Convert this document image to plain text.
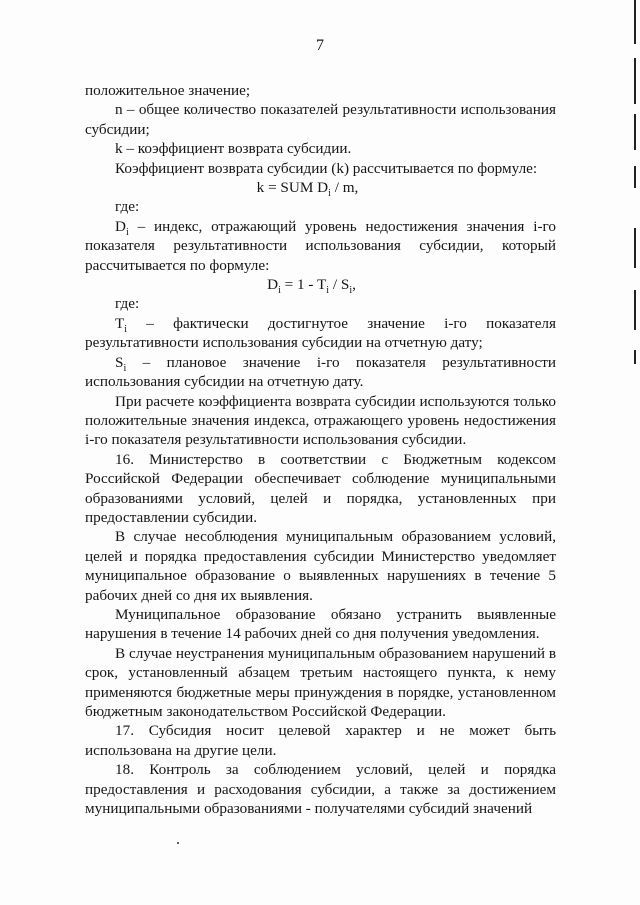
7

положительное значение;

n – общее количество показателей результативности использования субсидии;

k – коэффициент возврата субсидии.

Коэффициент возврата субсидии (k) рассчитывается по формуле:

k = SUM $D_i$ / m,

где:

$D_i$ – индекс, отражающий уровень недостижения значения i-го показателя результативности использования субсидии, который рассчитывается по формуле:

$D_i = 1 - T_i / S_i$,

где:

$T_i$ – фактически достигнутое значение i-го показателя результативности использования субсидии на отчетную дату;

$S_i$ – плановое значение i-го показателя результативности использования субсидии на отчетную дату.

При расчете коэффициента возврата субсидии используются только положительные значения индекса, отражающего уровень недостижения i-го показателя результативности использования субсидии.

16. Министерство в соответствии с Бюджетным кодексом Российской Федерации обеспечивает соблюдение муниципальными образованиями условий, целей и порядка, установленных при предоставлении субсидии.

В случае несоблюдения муниципальным образованием условий, целей и порядка предоставления субсидии Министерство уведомляет муниципальное образование о выявленных нарушениях в течение 5 рабочих дней со дня их выявления.

Муниципальное образование обязано устранить выявленные нарушения в течение 14 рабочих дней со дня получения уведомления.

В случае неустранения муниципальным образованием нарушений в срок, установленный абзацем третьим настоящего пункта, к нему применяются бюджетные меры принуждения в порядке, установленном бюджетным законодательством Российской Федерации.

17. Субсидия носит целевой характер и не может быть использована на другие цели.

18. Контроль за соблюдением условий, целей и порядка предоставления и расходования субсидии, а также за достижением муниципальными образованиями - получателями субсидий значений
